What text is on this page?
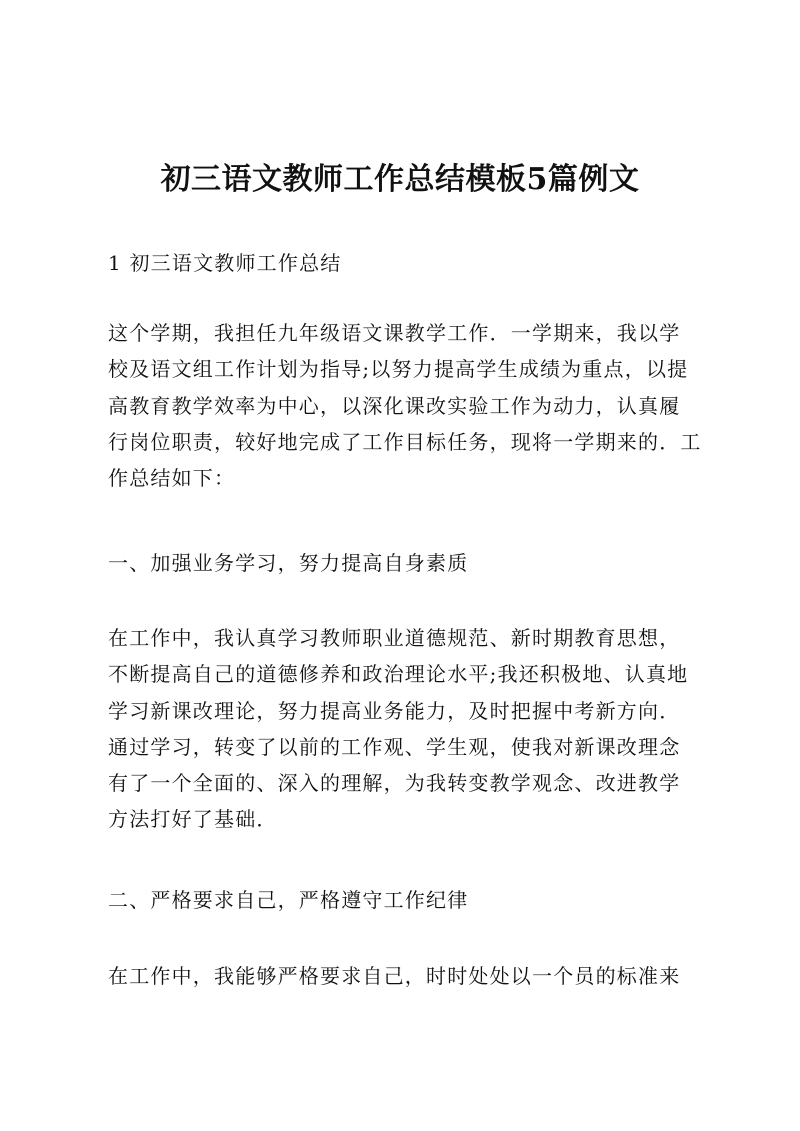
初三语文教师工作总结模板5篇例文
1 初三语文教师工作总结
这个学期，我担任九年级语文课教学工作．一学期来，我以学
校及语文组工作计划为指导;以努力提高学生成绩为重点，以提
高教育教学效率为中心，以深化课改实验工作为动力，认真履
行岗位职责，较好地完成了工作目标任务，现将一学期来的．工
作总结如下：
一、加强业务学习，努力提高自身素质
在工作中，我认真学习教师职业道德规范、新时期教育思想，
不断提高自己的道德修养和政治理论水平;我还积极地、认真地
学习新课改理论，努力提高业务能力，及时把握中考新方向．
通过学习，转变了以前的工作观、学生观，使我对新课改理念
有了一个全面的、深入的理解，为我转变教学观念、改进教学
方法打好了基础．
二、严格要求自己，严格遵守工作纪律
在工作中，我能够严格要求自己，时时处处以一个员的标准来
